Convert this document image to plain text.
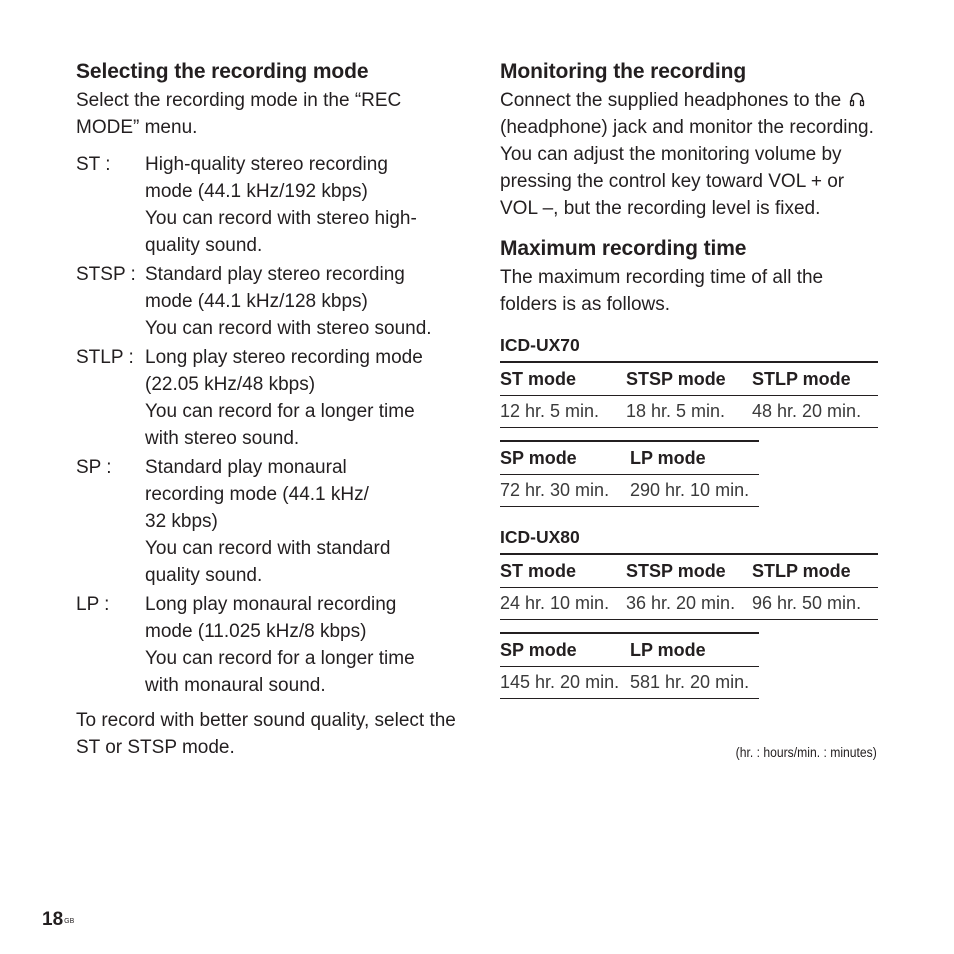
Selecting the recording mode

Select the recording mode in the “REC MODE” menu.

ST :	High-quality stereo recording
mode (44.1 kHz/192 kbps)
You can record with stereo high-
quality sound.
STSP : Standard play stereo recording
mode (44.1 kHz/128 kbps)
You can record with stereo sound.
STLP : Long play stereo recording mode
(22.05 kHz/48 kbps)
You can record for a longer time
with stereo sound.
SP :	Standard play monaural
recording mode (44.1 kHz/
32 kbps)
You can record with standard
quality sound.
LP :	Long play monaural recording
mode (11.025 kHz/8 kbps)
You can record for a longer time
with monaural sound.

To record with better sound quality, select the ST or STSP mode.

Monitoring the recording

Connect the supplied headphones to the  (headphone) jack and monitor the recording. You can adjust the monitoring volume by pressing the control key toward VOL + or VOL –, but the recording level is fixed.

Maximum recording time

The maximum recording time of all the folders is as follows.

ICD-UX70

ST mode	STSP mode	STLP mode
12 hr. 5 min.	18 hr. 5 min.	48 hr. 20 min.
SP mode	LP mode
72 hr. 30 min.	290 hr. 10 min.

ICD-UX80

ST mode	STSP mode	STLP mode
24 hr. 10 min.	36 hr. 20 min.	96 hr. 50 min.
SP mode	LP mode
145 hr. 20 min.	581 hr. 20 min.
(hr. : hours/min. : minutes)
$18^{GB}$
